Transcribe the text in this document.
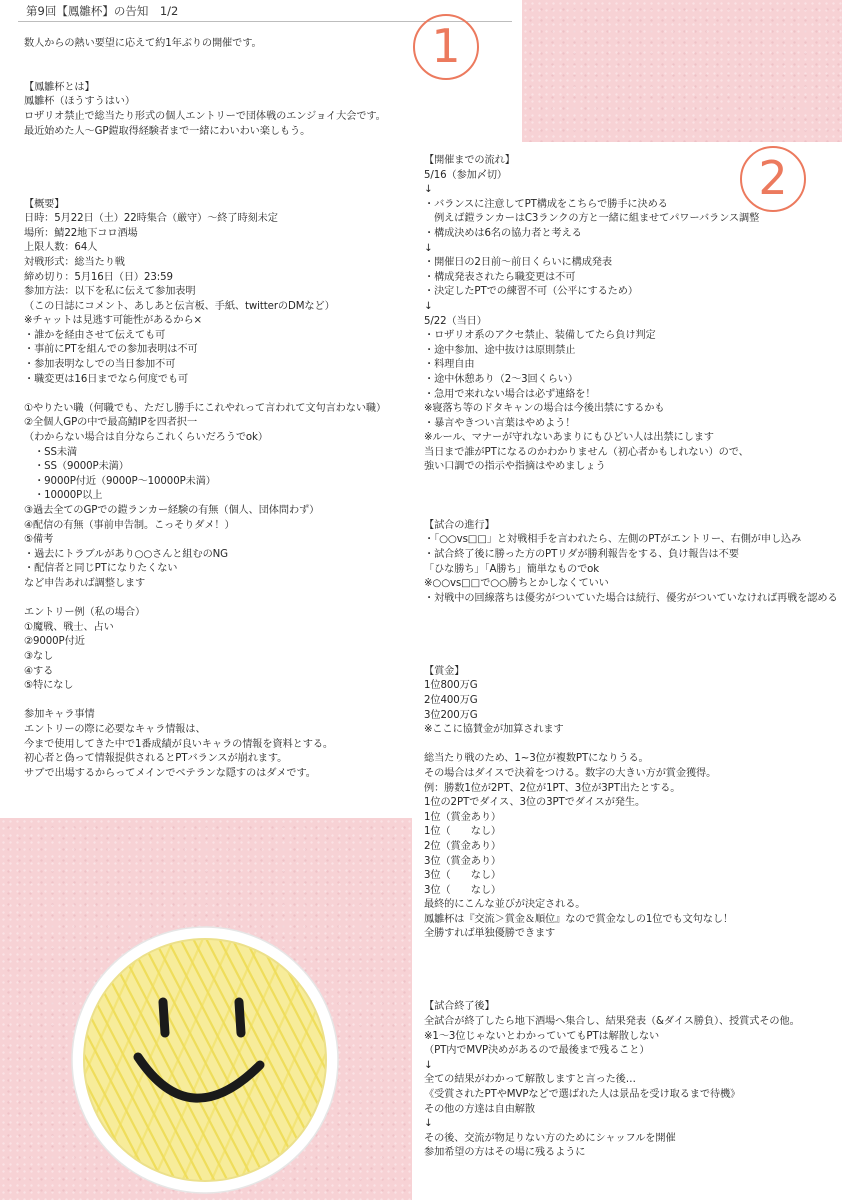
第9回【鳳雛杯】の告知　1/2
数人からの熱い要望に応えて約1年ぶりの開催です。

【鳳雛杯とは】
鳳雛杯（ほうすうはい）
ロザリオ禁止で総当たり形式の個人エントリーで団体戦のエンジョイ大会です。
最近始めた人〜GP鎧取得経験者まで一緒にわいわい楽しもう。

【概要】
日時：5月22日（土）22時集合（厳守）〜終了時刻未定
場所：鯖22地下コロ酒場
上限人数：64人
対戦形式：総当たり戦
締め切り：5月16日（日）23:59
参加方法：以下を私に伝えて参加表明
（この日誌にコメント、あしあと伝言板、手紙、twitterのDMなど）
※チャットは見逃す可能性があるから×
・誰かを経由させて伝えても可
・事前にPTを組んでの参加表明は不可
・参加表明なしでの当日参加不可
・職変更は16日までなら何度でも可

①やりたい職（何職でも、ただし勝手にこれやれって言われて文句言わない職）
②全個人GPの中で最高鯖IPを四者択一
（わからない場合は自分ならこれくらいだろうでok）
　・SS未満
　・SS（9000P未満）
　・9000P付近（9000P〜10000P未満）
　・10000P以上
③過去全てのGPでの鎧ランカー経験の有無（個人、団体問わず）
④配信の有無（事前申告制。こっそりダメ！）
⑤備考
・過去にトラブルがあり○○さんと組むのNG
・配信者と同じPTになりたくない
など申告あれば調整します

エントリー例（私の場合）
①魔戦、戦士、占い
②9000P付近
③なし
④する
⑤特になし

参加キャラ事情
エントリーの際に必要なキャラ情報は、
今まで使用してきた中で1番成績が良いキャラの情報を資料とする。
初心者と偽って情報提供されるとPTバランスが崩れます。
サブで出場するからってメインでベテランな隠すのはダメです。
【開催までの流れ】
5/16（参加〆切）
↓
・バランスに注意してPT構成をこちらで勝手に決める
　例えば鎧ランカーはC3ランクの方と一緒に組ませてパワーバランス調整
・構成決めは6名の協力者と考える
↓
・開催日の2日前〜前日くらいに構成発表
・構成発表されたら職変更は不可
・決定したPTでの練習不可（公平にするため）
↓
5/22（当日）
・ロザリオ系のアクセ禁止、装備してたら負け判定
・途中参加、途中抜けは原則禁止
・料理自由
・途中休憩あり（2〜3回くらい）
・急用で来れない場合は必ず連絡を！
※寝落ち等のドタキャンの場合は今後出禁にするかも
・暴言やきつい言葉はやめよう！
※ルール、マナーが守れないあまりにもひどい人は出禁にします
当日まで誰がPTになるのかわかりません（初心者かもしれない）ので、
強い口調での指示や指摘はやめましょう

【試合の進行】
・「○○vs□□」と対戦相手を言われたら、左側のPTがエントリー、右側が申し込み
・試合終了後に勝った方のPTリダが勝利報告をする、負け報告は不要
「ひな勝ち」「A勝ち」簡単なものでok
※○○vs□□で○○勝ちとかしなくていい
・対戦中の回線落ちは優劣がついていた場合は続行、優劣がついていなければ再戦を認める

【賞金】
1位800万G
2位400万G
3位200万G
※ここに協賛金が加算されます

総当たり戦のため、1~3位が複数PTになりうる。
その場合はダイスで決着をつける。数字の大きい方が賞金獲得。
例：勝数1位が2PT、2位が1PT、3位が3PT出たとする。
1位の2PTでダイス、3位の3PTでダイスが発生。
1位（賞金あり）
1位（　　なし）
2位（賞金あり）
3位（賞金あり）
3位（　　なし）
3位（　　なし）
最終的にこんな並びが決定される。
鳳雛杯は『交流＞賞金＆順位』なので賞金なしの1位でも文句なし！
全勝すれば単独優勝できます

【試合終了後】
全試合が終了したら地下酒場へ集合し、結果発表（&ダイス勝負）、授賞式その他。
※1〜3位じゃないとわかっていてもPTは解散しない
（PT内でMVP決めがあるので最後まで残ること）
↓
全ての結果がわかって解散しますと言った後…
《受賞されたPTやMVPなどで選ばれた人は景品を受け取るまで待機》
その他の方達は自由解散
↓
その後、交流が物足りない方のためにシャッフルを開催
参加希望の方はその場に残るように
1
2
